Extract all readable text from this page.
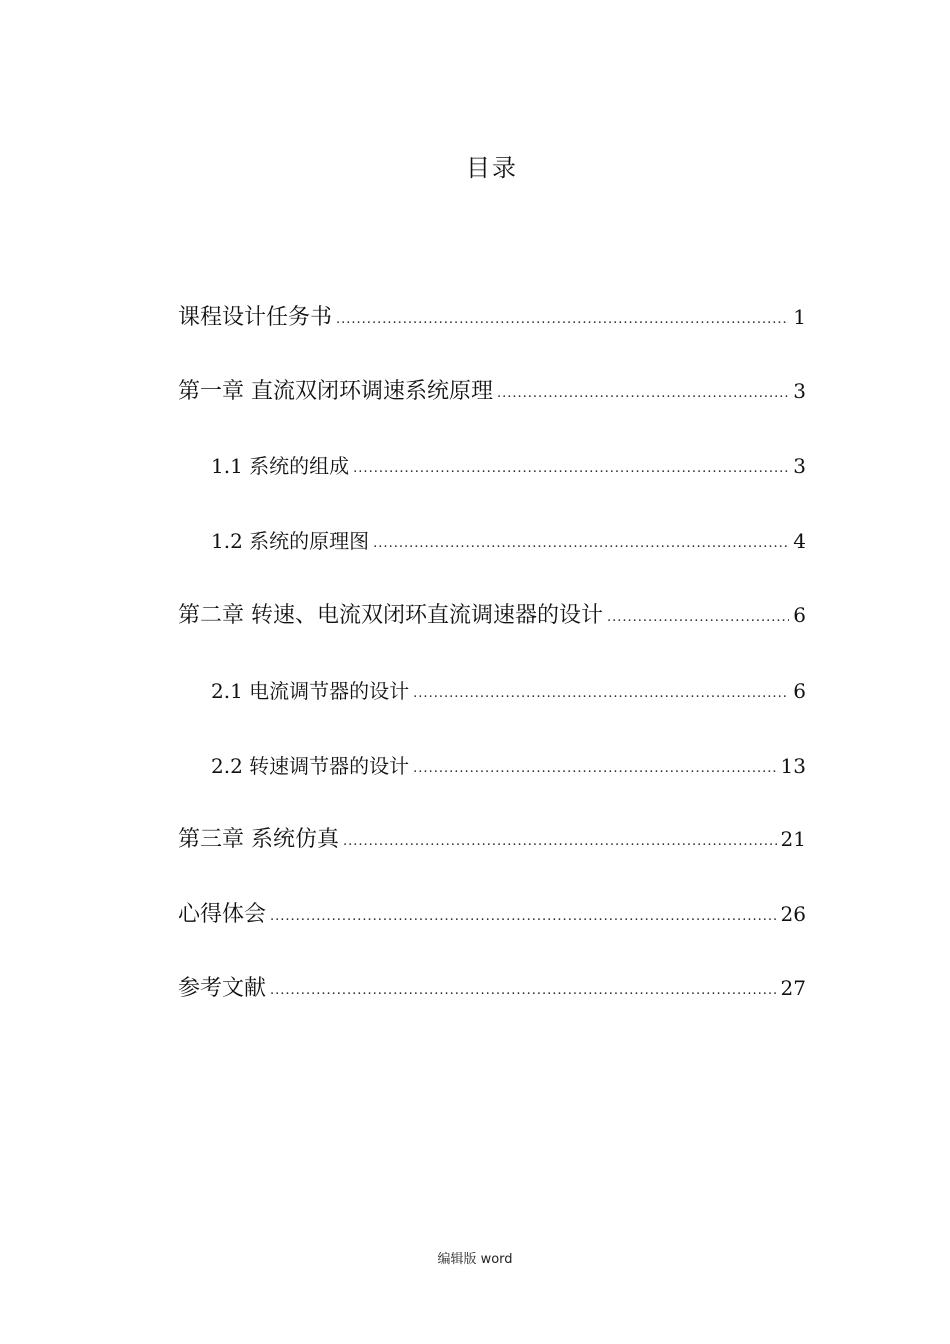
目录
课程设计任务书 .....	1
第一章 直流双闭环调速系统原理 .....	3
1.1 系统的组成 .....	3
1.2 系统的原理图 .....	4
第二章 转速、电流双闭环直流调速器的设计 .....	6
2.1 电流调节器的设计 .....	6
2.2 转速调节器的设计 .....	13
第三章 系统仿真 .....	21
心得体会 .....	26
参考文献 .....	27
编辑版 word
